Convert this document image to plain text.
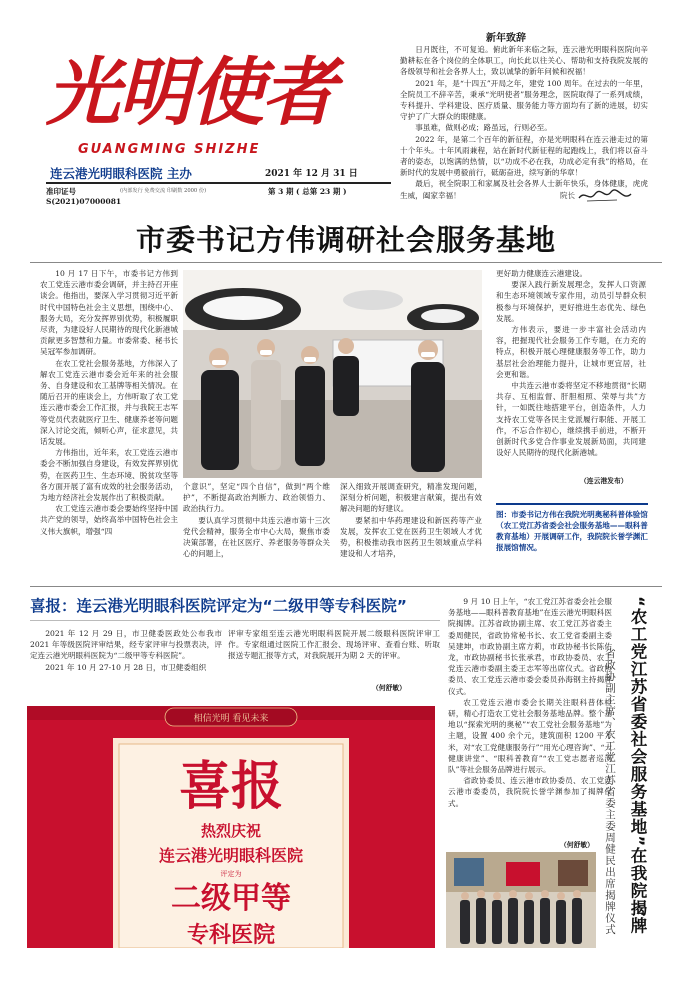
光明使者
GUANGMING SHIZHE
连云港光明眼科医院 主办	2021 年 12 月 31 日
准印证号 S(2021)07000081
(内部发行 免费交流 印刷数 2000 份)	第 3 期 ( 总第 23 期 )
新年致辞

日月既往，不可复追。俯此新年来临之际，连云港光明眼科医院向辛勤耕耘在各个岗位的全体职工，向长此以往关心、帮助和支持我院发展的各级领导和社会各界人士，致以诚挚的新年问候和祝福！

2021 年，是“十四五”开局之年，建党 100 周年。在过去的一年里，全院员工不辞辛苦，秉承“光明使者”服务理念，医院取得了一系列成绩，专科提升、学科建设、医疗质量、服务能力等方面均有了新的进展，切实守护了广大群众的眼健康。

事虽难，做则必成；路虽远，行则必至。

2022 年，是第二个百年的新征程，亦是光明眼科在连云港走过的第十个年头。十年风雨兼程，站在新时代新征程的起跑线上，我们将以奋斗者的姿态，以饱满的热情，以“功成不必在我，功成必定有我”的格局，在新时代的发展中勇毅前行，砥砺奋进，续写新的华章！

最后，祝全院职工和家属及社会各界人士新年快乐，身体健康，虎虎生威，阖家幸福！	院长
市委书记方伟调研社会服务基地

10 月 17 日下午，市委书记方伟到农工党连云港市委会调研，并主持召开座谈会。他指出，要深入学习贯彻习近平新时代中国特色社会主义思想，围绕中心、服务大局，充分发挥界别优势，积极履职尽责，为建设好人民期待的现代化新港城贡献更多智慧和力量。市委常委、秘书长吴冠军参加调研。

在农工党社会服务基地，方伟深入了解农工党连云港市委会近年来的社会服务、自身建设和农工基牌等相关情况。在随后召开的座谈会上，方伟听取了农工党连云港市委会工作汇报，并与我院王志军等党员代表就医疗卫生、健康养老等问题深入讨论交流，倾听心声，征求意见，共话发展。

方伟指出，近年来，农工党连云港市委会不断加强自身建设，有效发挥界别优势，在医药卫生、生态环境、脱贫攻坚等各方面开展了富有成效的社会服务活动，为地方经济社会发展作出了积极贡献。

农工党连云港市委会要始终坚持中国共产党的领导，始终高举中国特色社会主义伟大旗帜，增强“四

个意识”，坚定“四个自信”，做到“两个维护”，不断提高政治判断力、政治领悟力、政治执行力。

要认真学习贯彻中共连云港市第十三次党代会精神，服务全市中心大局，聚焦市委决策部署，在社区医疗、养老服务等群众关心的问题上，

深入细致开展调查研究，精准发现问题，深刻分析问题，积极建言献策，提出有效解决问题的好建议。

要紧扣中华药理建设和新医药等产业发展，发挥农工党在医药卫生领域人才优势，积极推动我市医药卫生领域重点学科建设和人才培养，

更好助力健康连云港建设。

要深入践行新发展理念，发挥人口资源和生态环境领域专家作用，动员引导群众积极参与环境保护，更好推进生态优先、绿色发展。

方伟表示，要进一步丰富社会活动内容，把握现代社会服务工作专题，在力充的特点，积极开展心理健康服务等工作，助力基层社会治理能力提升，让城市更宜居，社会更和谐。

中共连云港市委将坚定不移地贯彻“长期共存、互相监督、肝胆相照、荣辱与共”方针，一如既往地搭建平台，创造条件，人力支持农工党等各民主党派履行职能、开展工作，不忘合作初心，继续携手前进，不断开创新时代多党合作事业发展新局面，共同建设好人民期待的现代化新港城。

（连云港发布）
图：市委书记方伟在我院光明奥秘科普体验馆（农工党江苏省委会社会服务基地——眼科普教育基地）开展调研工作，我院院长誉学渊汇报展馆情况。
喜报：连云港光明眼科医院评定为“二级甲等专科医院”

2021 年 12 月 29 日，市卫健委医政处公布我市 2021 年等级医院评审结果，经专家评审与投票表决，评定连云港光明眼科医院为“二级甲等专科医院”。

2021 年 10 月 27-10 月 28 日，市卫健委组织

评审专家组至连云港光明眼科医院开展二级眼科医院评审工作。专家组通过医院工作汇报会、现场评审、查看台账、听取报送专题汇报等方式，对我院展开为期 2 天的评审。

（何舒敏）
相信光明 看见未来
喜报
热烈庆祝
连云港光明眼科医院
评定为
二级甲等
专科医院

9 月 10 日上午，“农工党江苏省委会社会服务基地——眼科普教育基地”在连云港光明眼科医院揭牌。江苏省政协副主席、农工党江苏省委主委周健民，省政协常秘书长、农工党省委副主委吴建坤，市政协副主席方莉，市政协秘书长陈佑龙，市政协副秘书长张承君，市政协委员、农工党连云港市委副主委王志军等出席仪式。省政协委员、农工党连云港市委会委员孙海钢主持揭牌仪式。

农工党连云港市委会长期关注眼科普体检研，精心打造农工党社会服务基地品牌。整个基地以“探索光明的奥秘”“农工党社会服务基地”为主题，设置 400 余个元，建筑面积 1200 平方米，对“农工党健康服务行”“用光心理咨询”、“大健康讲堂”、“眼科普教育”“农工党志愿者巡河队”等社会服务品牌进行展示。

省政协委员、连云港市政协委员、农工党连云港市委委员，我院院长誉学渊参加了揭牌仪式。

（何舒敏）	“农工党江苏省委社会服务基地”在我院揭牌
省政协副主席、农工党江苏省委主委周健民出席揭牌仪式
